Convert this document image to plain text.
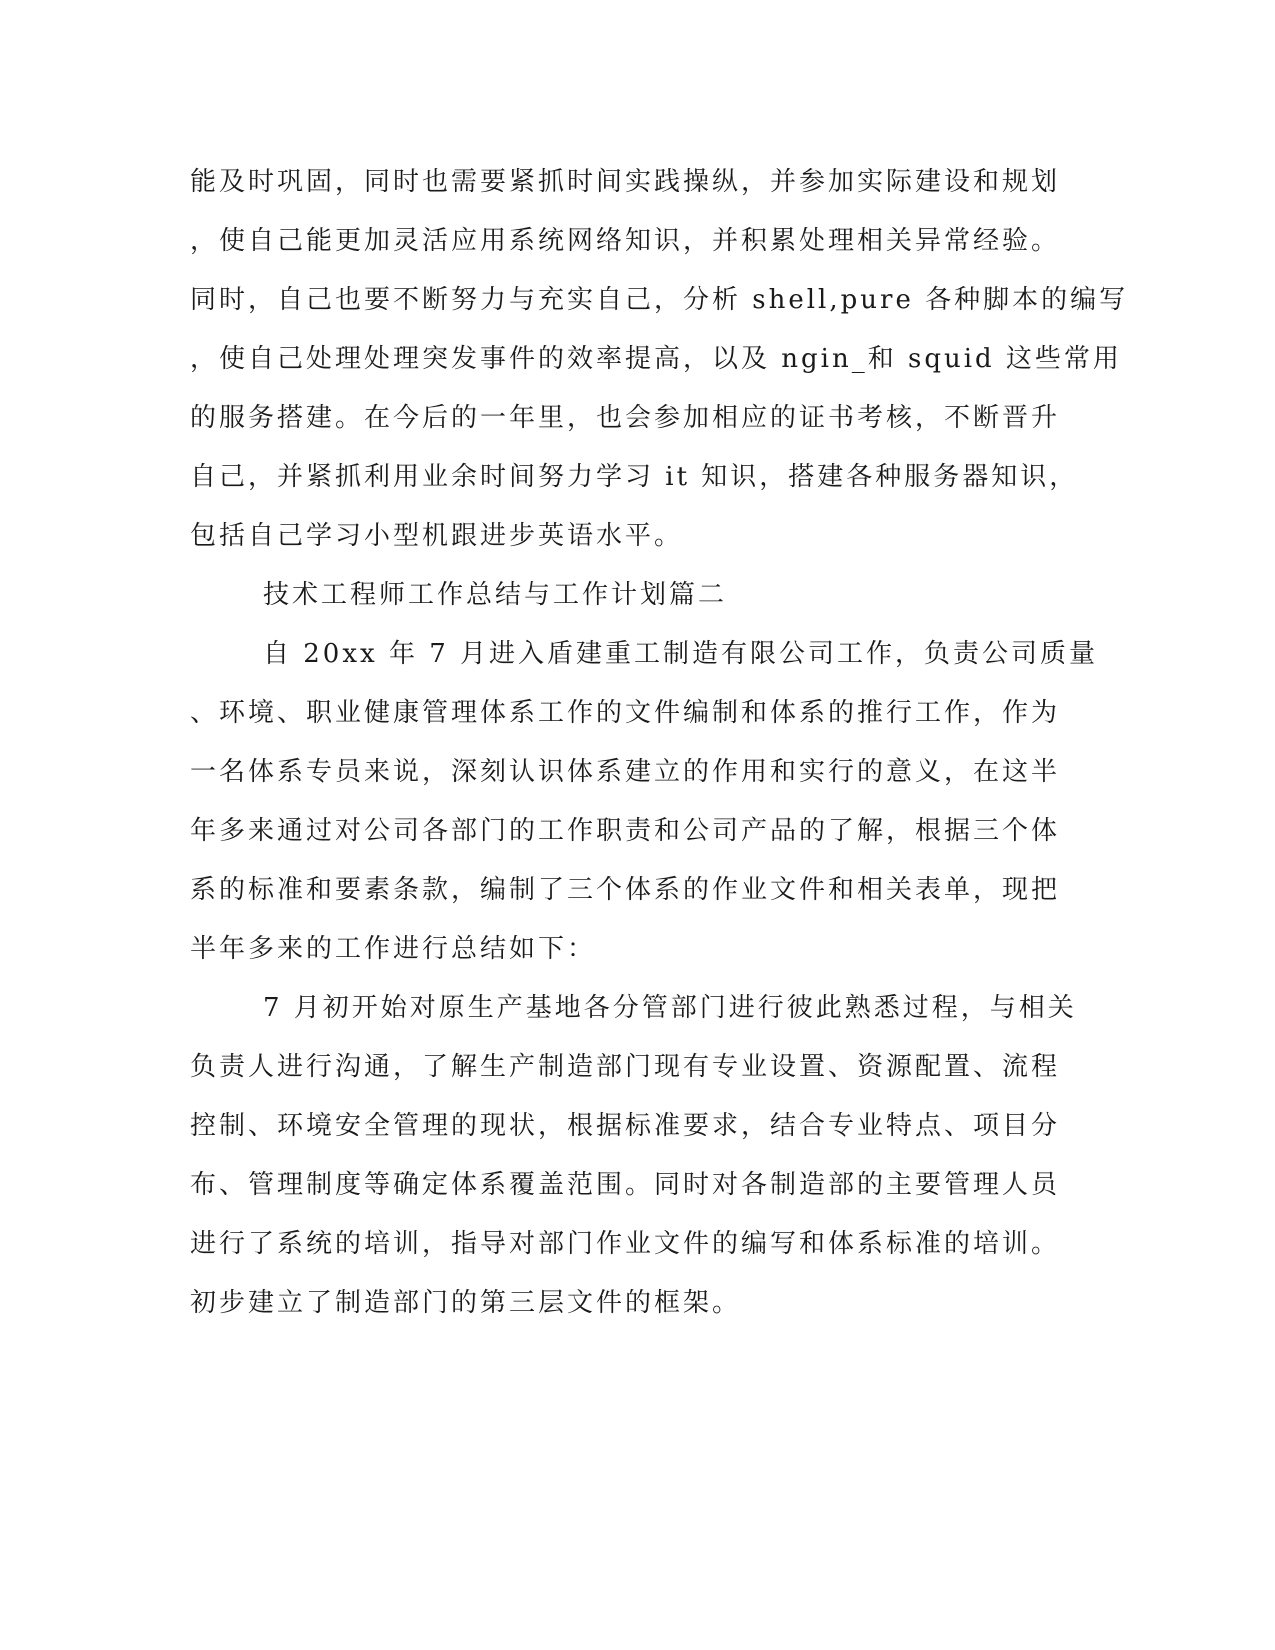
能及时巩固，同时也需要紧抓时间实践操纵，并参加实际建设和规划
，使自己能更加灵活应用系统网络知识，并积累处理相关异常经验。
同时，自己也要不断努力与充实自己，分析 shell,pure 各种脚本的编写
，使自己处理处理突发事件的效率提高，以及 ngin_和 squid 这些常用
的服务搭建。在今后的一年里，也会参加相应的证书考核，不断晋升
自己，并紧抓利用业余时间努力学习 it 知识，搭建各种服务器知识，
包括自己学习小型机跟进步英语水平。
技术工程师工作总结与工作计划篇二
自 20xx 年 7 月进入盾建重工制造有限公司工作，负责公司质量
、环境、职业健康管理体系工作的文件编制和体系的推行工作，作为
一名体系专员来说，深刻认识体系建立的作用和实行的意义，在这半
年多来通过对公司各部门的工作职责和公司产品的了解，根据三个体
系的标准和要素条款，编制了三个体系的作业文件和相关表单，现把
半年多来的工作进行总结如下：
7 月初开始对原生产基地各分管部门进行彼此熟悉过程，与相关
负责人进行沟通，了解生产制造部门现有专业设置、资源配置、流程
控制、环境安全管理的现状，根据标准要求，结合专业特点、项目分
布、管理制度等确定体系覆盖范围。同时对各制造部的主要管理人员
进行了系统的培训，指导对部门作业文件的编写和体系标准的培训。
初步建立了制造部门的第三层文件的框架。
